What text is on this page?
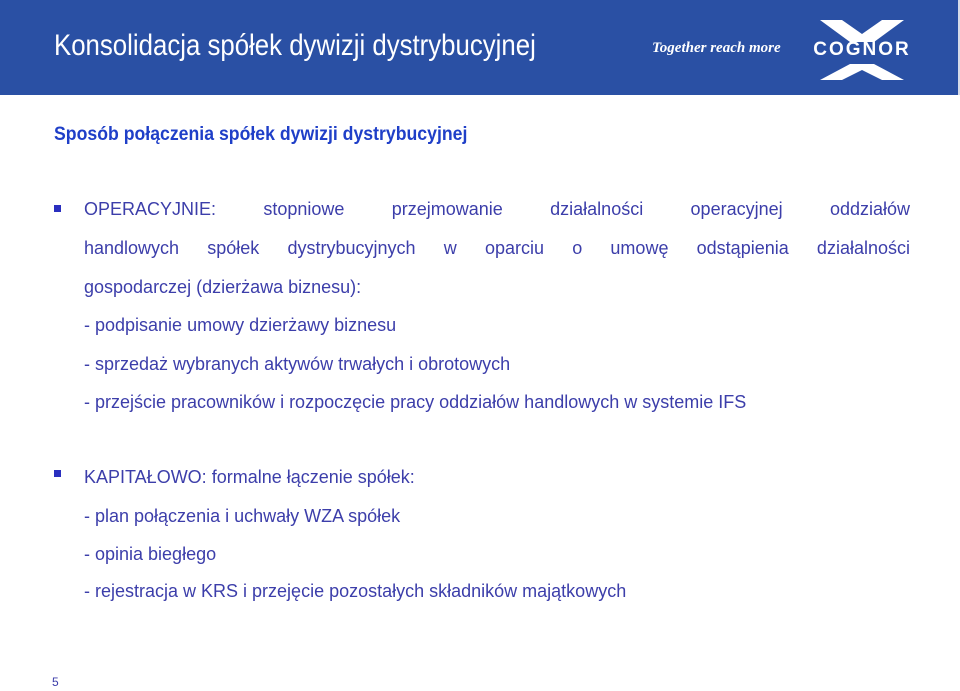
Konsolidacja spółek dywizji dystrybucyjnej	Together reach more COGNOR
Sposób połączenia spółek dywizji dystrybucyjnej
OPERACYJNIE: stopniowe przejmowanie działalności operacyjnej oddziałów
handlowych spółek dystrybucyjnych w oparciu o umowę odstąpienia działalności
gospodarczej (dzierżawa biznesu):
- podpisanie umowy dzierżawy biznesu
- sprzedaż wybranych aktywów trwałych i obrotowych
- przejście pracowników i rozpoczęcie pracy oddziałów handlowych w systemie IFS
KAPITAŁOWO: formalne łączenie spółek:
- plan połączenia i uchwały WZA spółek
- opinia biegłego
- rejestracja w KRS i przejęcie pozostałych składników majątkowych
5
